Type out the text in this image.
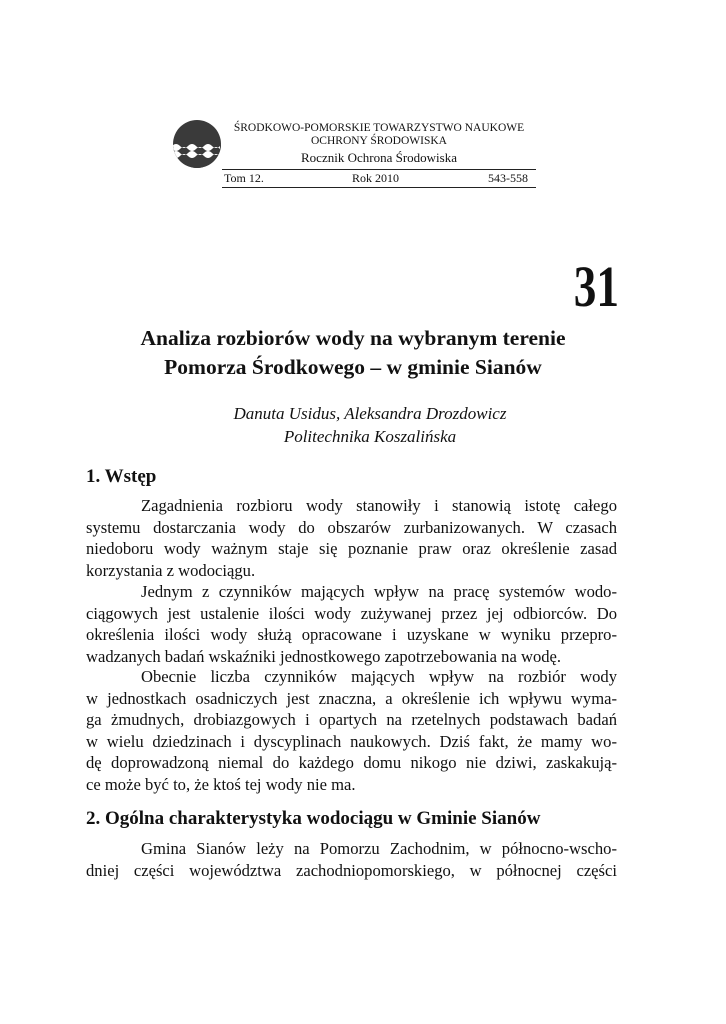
ŚRODKOWO-POMORSKIE TOWARZYSTWO NAUKOWE
OCHRONY ŚRODOWISKA
Rocznik Ochrona Środowiska
Tom 12.	Rok 2010	543-558
31
Analiza rozbiorów wody na wybranym terenie
Pomorza Środkowego – w gminie Sianów
Danuta Usidus, Aleksandra Drozdowicz
Politechnika Koszalińska
1. Wstęp
Zagadnienia rozbioru wody stanowiły i stanowią istotę całego
systemu dostarczania wody do obszarów zurbanizowanych. W czasach
niedoboru wody ważnym staje się poznanie praw oraz określenie zasad
korzystania z wodociągu.
Jednym z czynników mających wpływ na pracę systemów wodo-
ciągowych jest ustalenie ilości wody zużywanej przez jej odbiorców. Do
określenia ilości wody służą opracowane i uzyskane w wyniku przepro-
wadzanych badań wskaźniki jednostkowego zapotrzebowania na wodę.
Obecnie liczba czynników mających wpływ na rozbiór wody
w jednostkach osadniczych jest znaczna, a określenie ich wpływu wyma-
ga żmudnych, drobiazgowych i opartych na rzetelnych podstawach badań
w wielu dziedzinach i dyscyplinach naukowych. Dziś fakt, że mamy wo-
dę doprowadzoną niemal do każdego domu nikogo nie dziwi, zaskakują-
ce może być to, że ktoś tej wody nie ma.
2. Ogólna charakterystyka wodociągu w Gminie Sianów
Gmina Sianów leży na Pomorzu Zachodnim, w północno-wscho-
dniej części województwa zachodniopomorskiego, w północnej części
